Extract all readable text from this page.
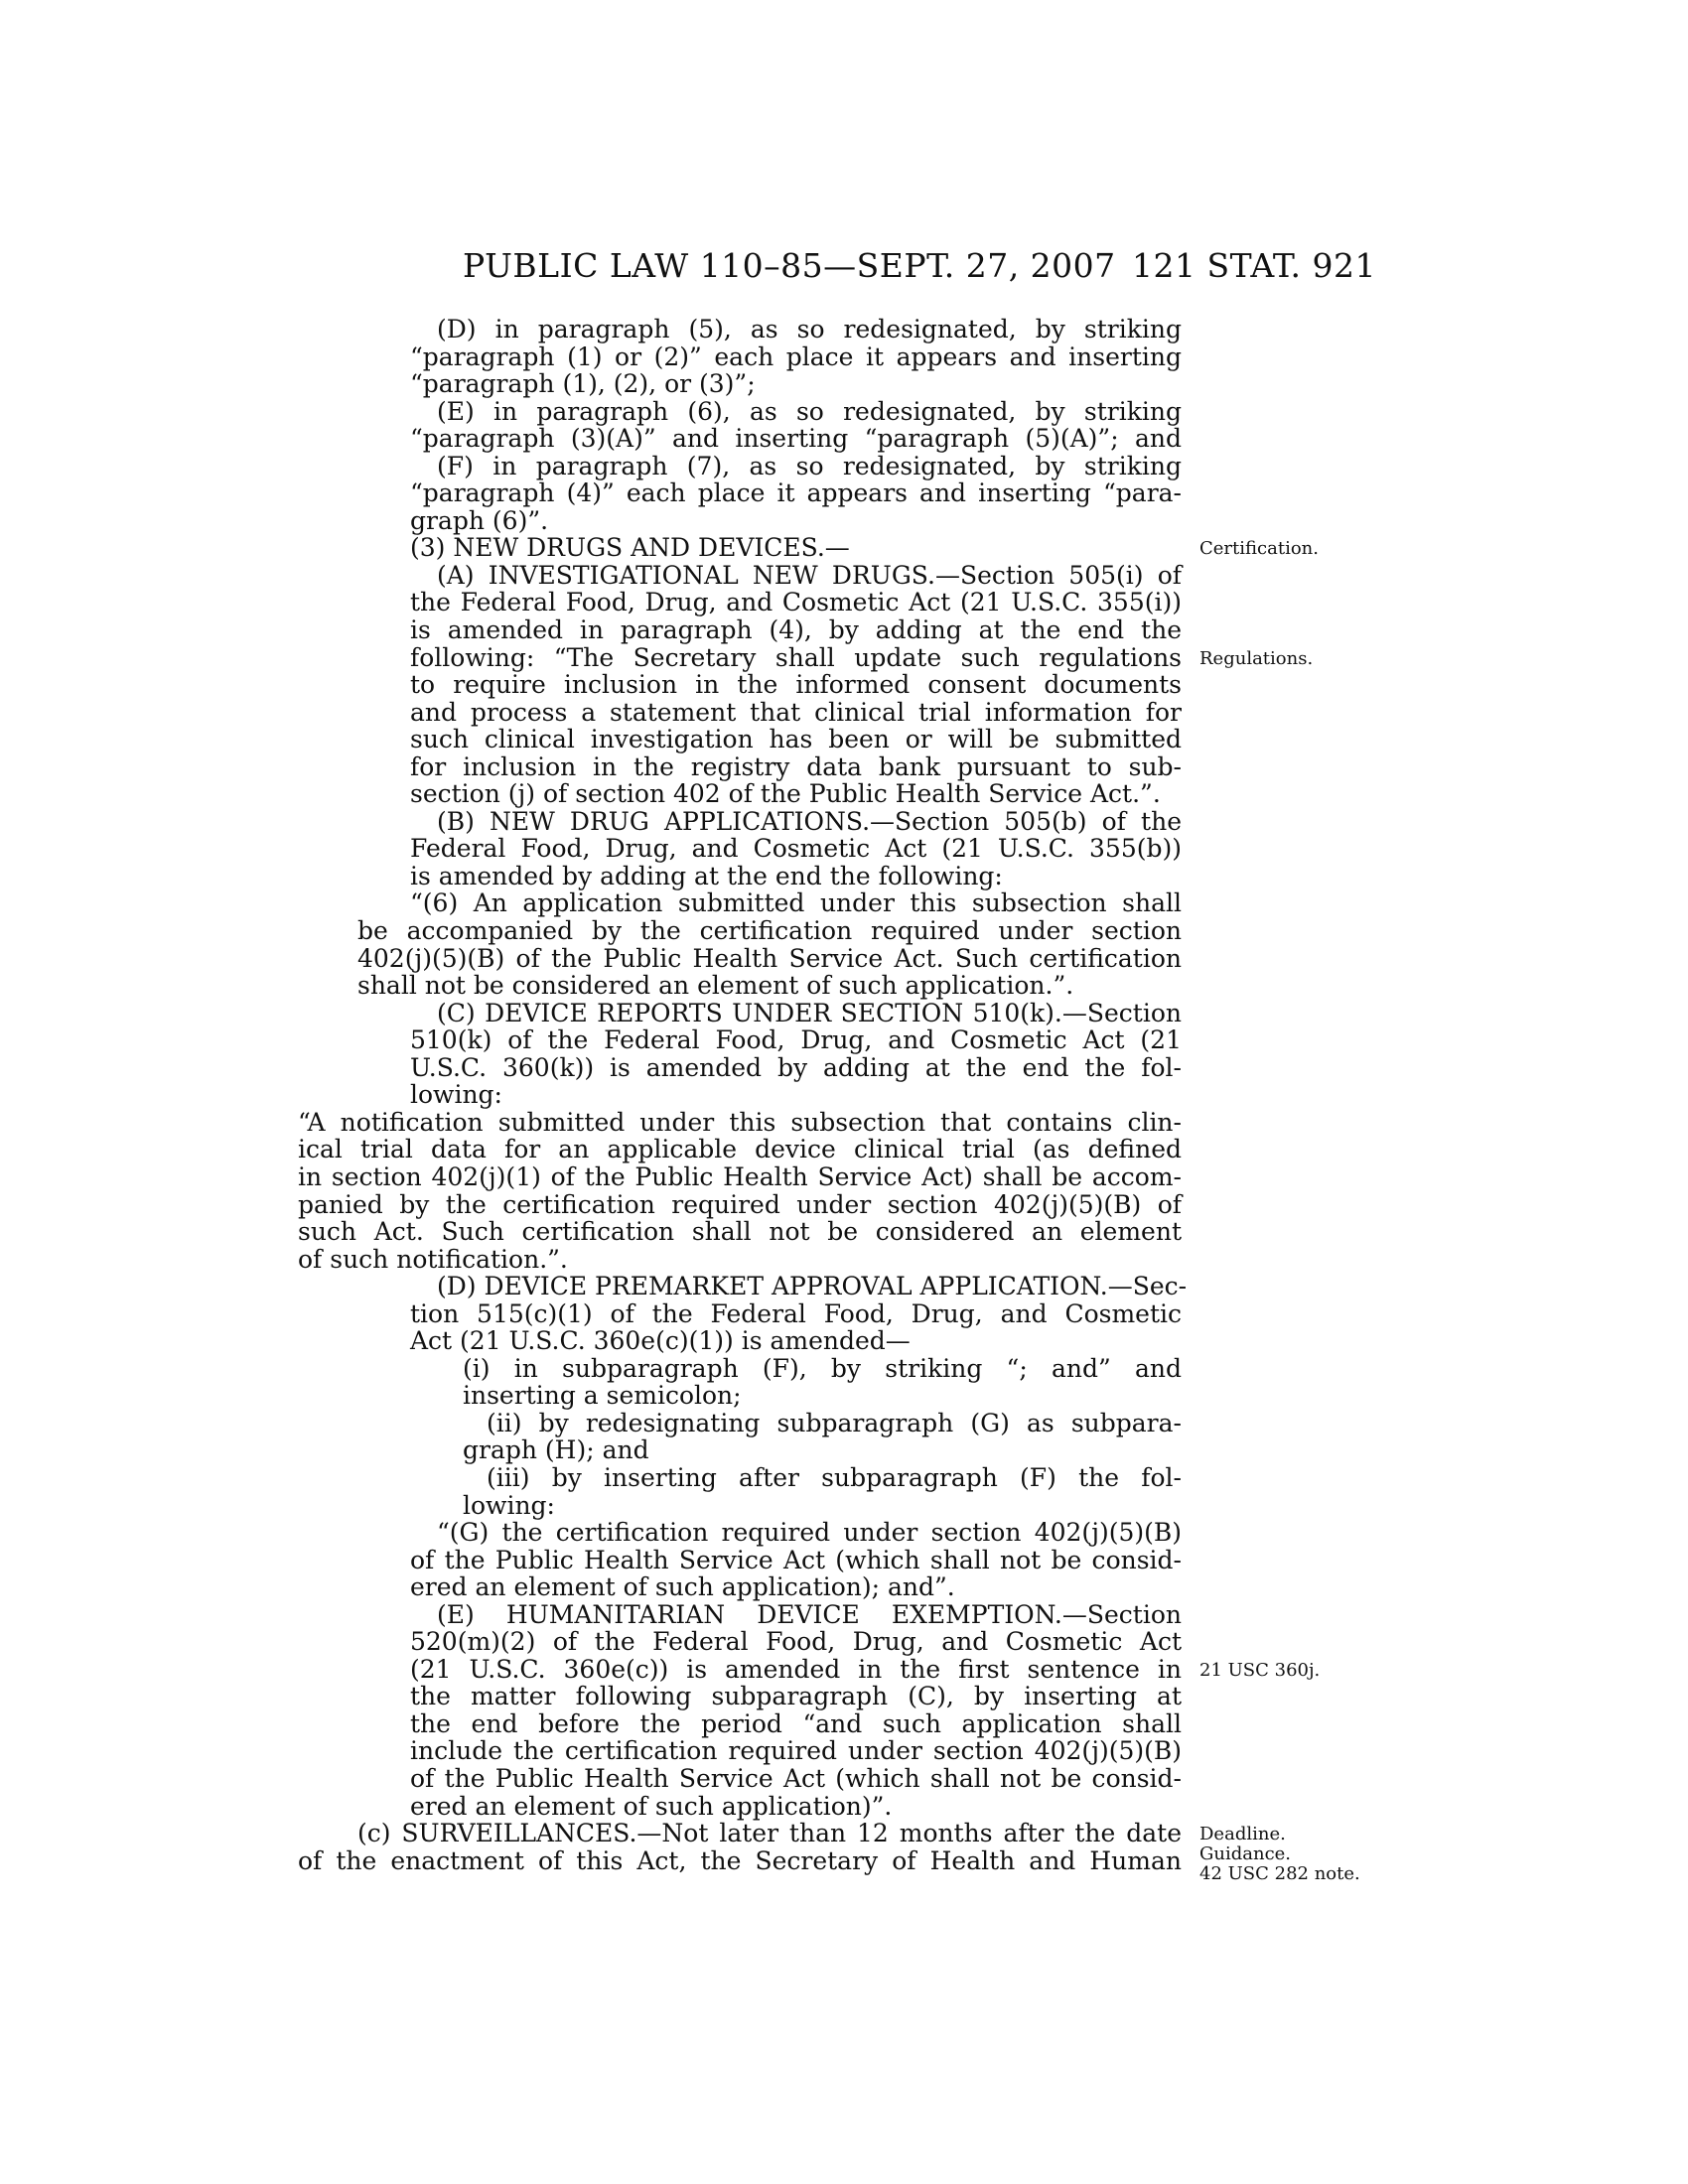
PUBLIC LAW 110–85—SEPT. 27, 2007 121 STAT. 921
(D) in paragraph (5), as so redesignated, by striking
“paragraph (1) or (2)” each place it appears and inserting
“paragraph (1), (2), or (3)”;
(E) in paragraph (6), as so redesignated, by striking
“paragraph (3)(A)” and inserting “paragraph (5)(A)”; and
(F) in paragraph (7), as so redesignated, by striking
“paragraph (4)” each place it appears and inserting “para-
graph (6)”.
(3) NEW DRUGS AND DEVICES.—
(A) INVESTIGATIONAL NEW DRUGS.—Section 505(i) of
the Federal Food, Drug, and Cosmetic Act (21 U.S.C. 355(i))
is amended in paragraph (4), by adding at the end the
following: “The Secretary shall update such regulations
to require inclusion in the informed consent documents
and process a statement that clinical trial information for
such clinical investigation has been or will be submitted
for inclusion in the registry data bank pursuant to sub-
section (j) of section 402 of the Public Health Service Act.”.
(B) NEW DRUG APPLICATIONS.—Section 505(b) of the
Federal Food, Drug, and Cosmetic Act (21 U.S.C. 355(b))
is amended by adding at the end the following:
“(6) An application submitted under this subsection shall
be accompanied by the certification required under section
402(j)(5)(B) of the Public Health Service Act. Such certification
shall not be considered an element of such application.”.
(C) DEVICE REPORTS UNDER SECTION 510(k).—Section
510(k) of the Federal Food, Drug, and Cosmetic Act (21
U.S.C. 360(k)) is amended by adding at the end the fol-
lowing:
“A notification submitted under this subsection that contains clin-
ical trial data for an applicable device clinical trial (as defined
in section 402(j)(1) of the Public Health Service Act) shall be accom-
panied by the certification required under section 402(j)(5)(B) of
such Act. Such certification shall not be considered an element
of such notification.”.
(D) DEVICE PREMARKET APPROVAL APPLICATION.—Sec-
tion 515(c)(1) of the Federal Food, Drug, and Cosmetic
Act (21 U.S.C. 360e(c)(1)) is amended—
(i) in subparagraph (F), by striking “; and” and
inserting a semicolon;
(ii) by redesignating subparagraph (G) as subpara-
graph (H); and
(iii) by inserting after subparagraph (F) the fol-
lowing:
“(G) the certification required under section 402(j)(5)(B)
of the Public Health Service Act (which shall not be consid-
ered an element of such application); and”.
(E) HUMANITARIAN DEVICE EXEMPTION.—Section
520(m)(2) of the Federal Food, Drug, and Cosmetic Act
(21 U.S.C. 360e(c)) is amended in the first sentence in
the matter following subparagraph (C), by inserting at
the end before the period “and such application shall
include the certification required under section 402(j)(5)(B)
of the Public Health Service Act (which shall not be consid-
ered an element of such application)”.
(c) SURVEILLANCES.—Not later than 12 months after the date
of the enactment of this Act, the Secretary of Health and Human
Certification.
Regulations.
21 USC 360j.
Deadline.
Guidance.
42 USC 282 note.
